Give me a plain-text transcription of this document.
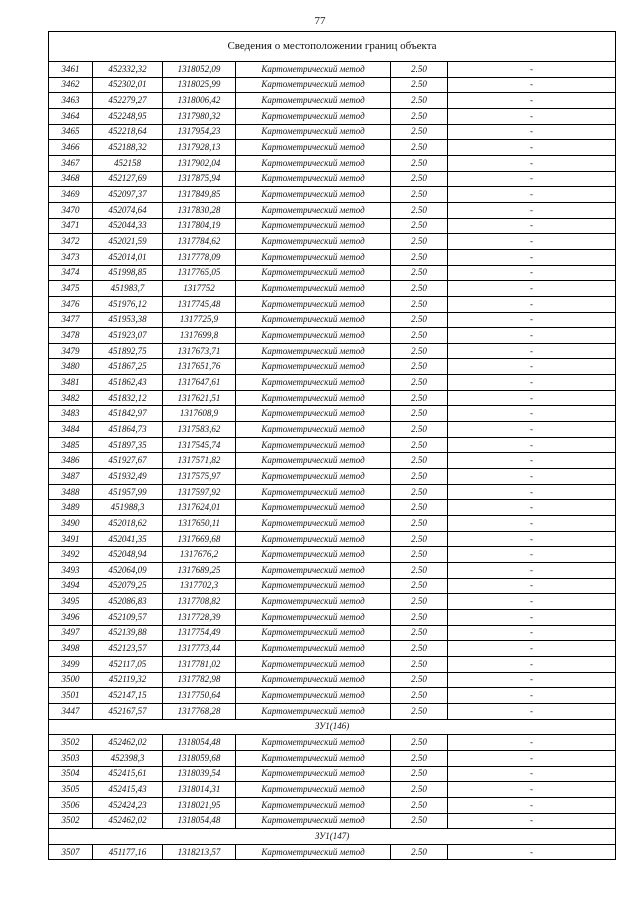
77
Сведения о местоположении границ объекта					
3461	452332,32	1318052,09	Картометрический метод	2.50	-
3462	452302,01	1318025,99	Картометрический метод	2.50	-
3463	452279,27	1318006,42	Картометрический метод	2.50	-
3464	452248,95	1317980,32	Картометрический метод	2.50	-
3465	452218,64	1317954,23	Картометрический метод	2.50	-
3466	452188,32	1317928,13	Картометрический метод	2.50	-
3467	452158	1317902,04	Картометрический метод	2.50	-
3468	452127,69	1317875,94	Картометрический метод	2.50	-
3469	452097,37	1317849,85	Картометрический метод	2.50	-
3470	452074,64	1317830,28	Картометрический метод	2.50	-
3471	452044,33	1317804,19	Картометрический метод	2.50	-
3472	452021,59	1317784,62	Картометрический метод	2.50	-
3473	452014,01	1317778,09	Картометрический метод	2.50	-
3474	451998,85	1317765,05	Картометрический метод	2.50	-
3475	451983,7	1317752	Картометрический метод	2.50	-
3476	451976,12	1317745,48	Картометрический метод	2.50	-
3477	451953,38	1317725,9	Картометрический метод	2.50	-
3478	451923,07	1317699,8	Картометрический метод	2.50	-
3479	451892,75	1317673,71	Картометрический метод	2.50	-
3480	451867,25	1317651,76	Картометрический метод	2.50	-
3481	451862,43	1317647,61	Картометрический метод	2.50	-
3482	451832,12	1317621,51	Картометрический метод	2.50	-
3483	451842,97	1317608,9	Картометрический метод	2.50	-
3484	451864,73	1317583,62	Картометрический метод	2.50	-
3485	451897,35	1317545,74	Картометрический метод	2.50	-
3486	451927,67	1317571,82	Картометрический метод	2.50	-
3487	451932,49	1317575,97	Картометрический метод	2.50	-
3488	451957,99	1317597,92	Картометрический метод	2.50	-
3489	451988,3	1317624,01	Картометрический метод	2.50	-
3490	452018,62	1317650,11	Картометрический метод	2.50	-
3491	452041,35	1317669,68	Картометрический метод	2.50	-
3492	452048,94	1317676,2	Картометрический метод	2.50	-
3493	452064,09	1317689,25	Картометрический метод	2.50	-
3494	452079,25	1317702,3	Картометрический метод	2.50	-
3495	452086,83	1317708,82	Картометрический метод	2.50	-
3496	452109,57	1317728,39	Картометрический метод	2.50	-
3497	452139,88	1317754,49	Картометрический метод	2.50	-
3498	452123,57	1317773,44	Картометрический метод	2.50	-
3499	452117,05	1317781,02	Картометрический метод	2.50	-
3500	452119,32	1317782,98	Картометрический метод	2.50	-
3501	452147,15	1317750,64	Картометрический метод	2.50	-
3447	452167,57	1317768,28	Картометрический метод	2.50	-
ЗУ1(146)					
3502	452462,02	1318054,48	Картометрический метод	2.50	-
3503	452398,3	1318059,68	Картометрический метод	2.50	-
3504	452415,61	1318039,54	Картометрический метод	2.50	-
3505	452415,43	1318014,31	Картометрический метод	2.50	-
3506	452424,23	1318021,95	Картометрический метод	2.50	-
3502	452462,02	1318054,48	Картометрический метод	2.50	-
ЗУ1(147)					
3507	451177,16	1318213,57	Картометрический метод	2.50	-
